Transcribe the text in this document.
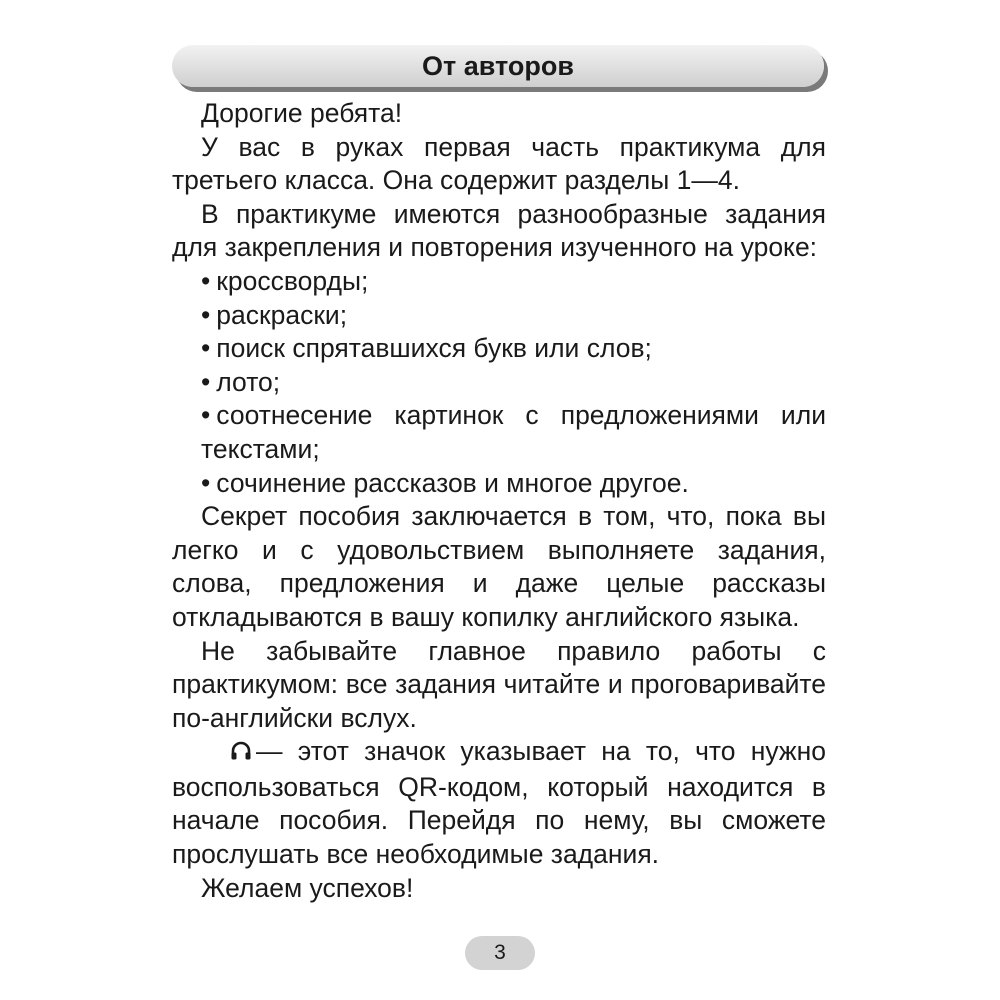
От авторов

Дорогие ребята!

У вас в руках первая часть практикума для третьего класса. Она содержит разделы 1—4.

В практикуме имеются разнообразные задания для закрепления и повторения изученного на уроке:

• кроссворды;

• раскраски;

• поиск спрятавшихся букв или слов;

• лото;

• соотнесение картинок с предложениями или текстами;

• сочинение рассказов и многое другое.

Секрет пособия заключается в том, что, пока вы легко и с удовольствием выполняете задания, слова, предложения и даже целые рассказы откладываются в вашу копилку английского языка.

Не забывайте главное правило работы с практикумом: все задания читайте и проговаривайте по-английски вслух.

— этот значок указывает на то, что нужно воспользоваться QR-кодом, который находится в начале пособия. Перейдя по нему, вы сможете прослушать все необходимые задания.

Желаем успехов!

3
